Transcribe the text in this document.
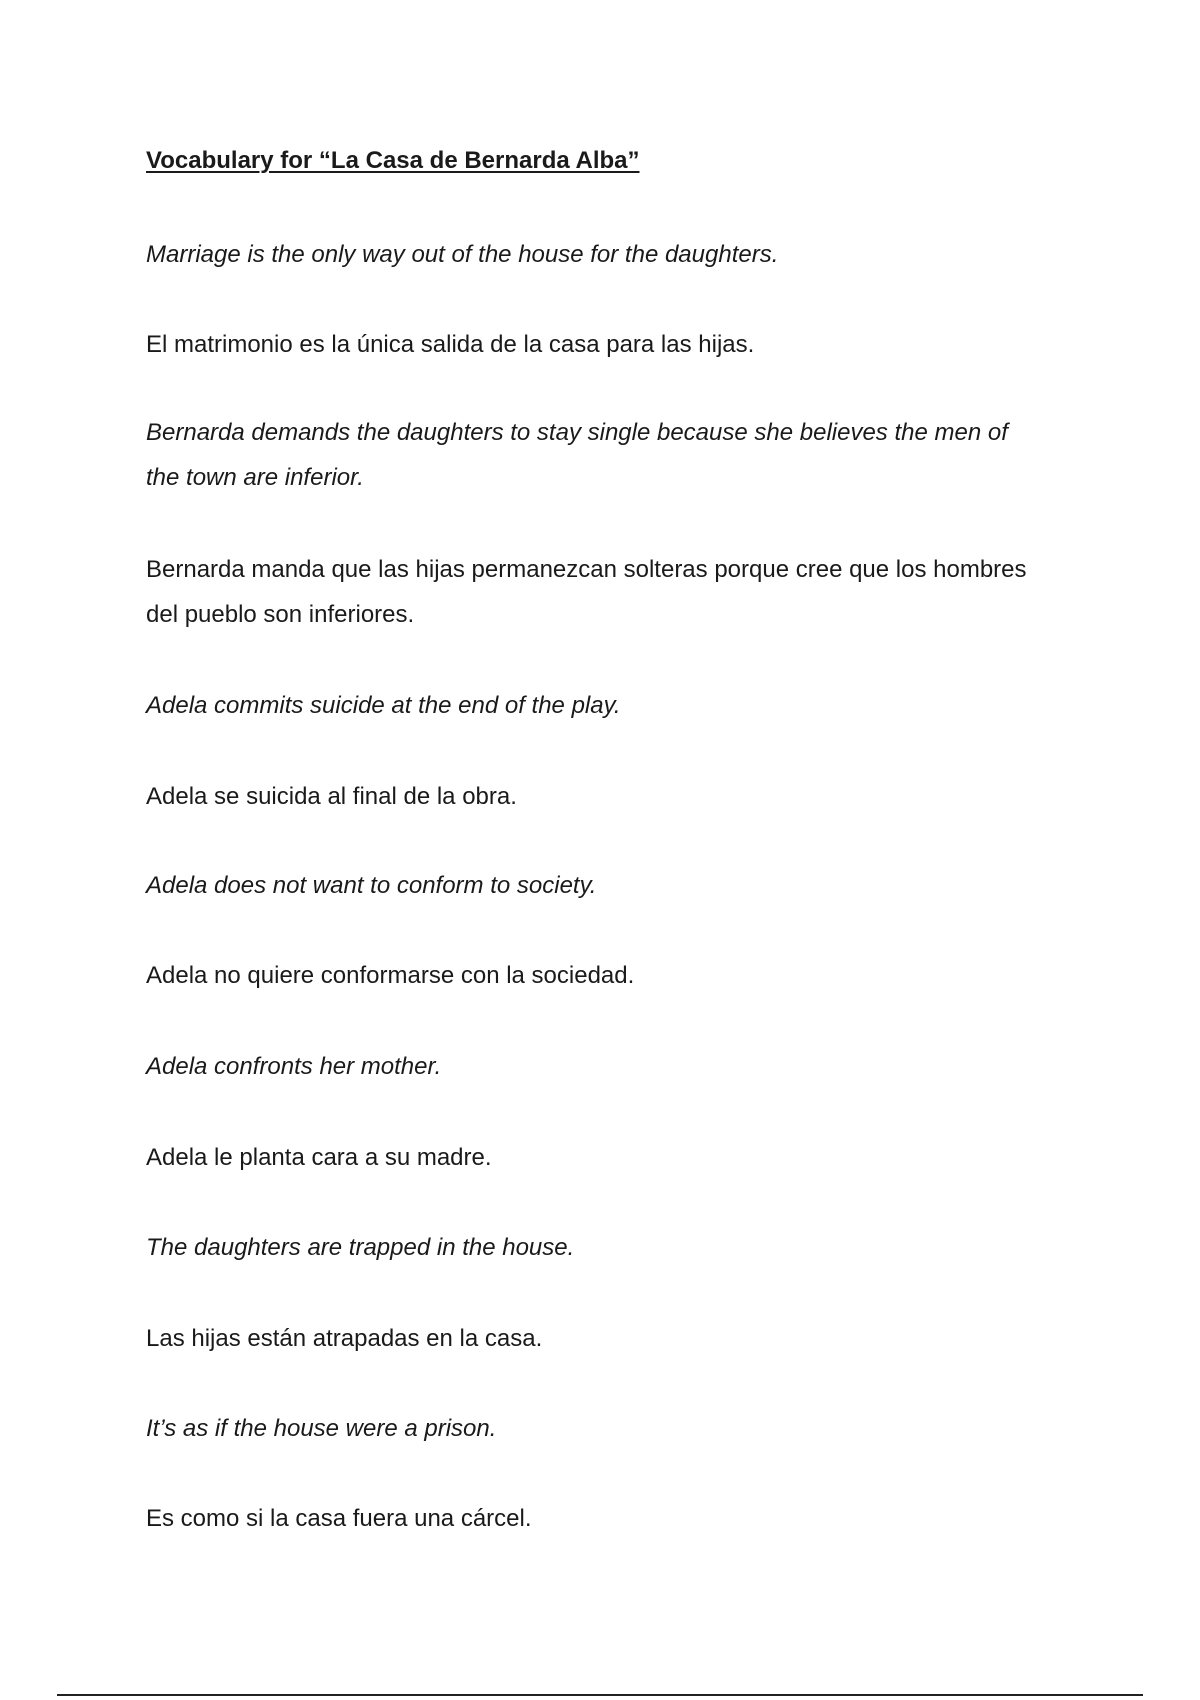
Vocabulary for “La Casa de Bernarda Alba”

Marriage is the only way out of the house for the daughters.

El matrimonio es la única salida de la casa para las hijas.

Bernarda demands the daughters to stay single because she believes the men of the town are inferior.

Bernarda manda que las hijas permanezcan solteras porque cree que los hombres del pueblo son inferiores.

Adela commits suicide at the end of the play.

Adela se suicida al final de la obra.

Adela does not want to conform to society.

Adela no quiere conformarse con la sociedad.

Adela confronts her mother.

Adela le planta cara a su madre.

The daughters are trapped in the house.

Las hijas están atrapadas en la casa.

It’s as if the house were a prison.

Es como si la casa fuera una cárcel.
